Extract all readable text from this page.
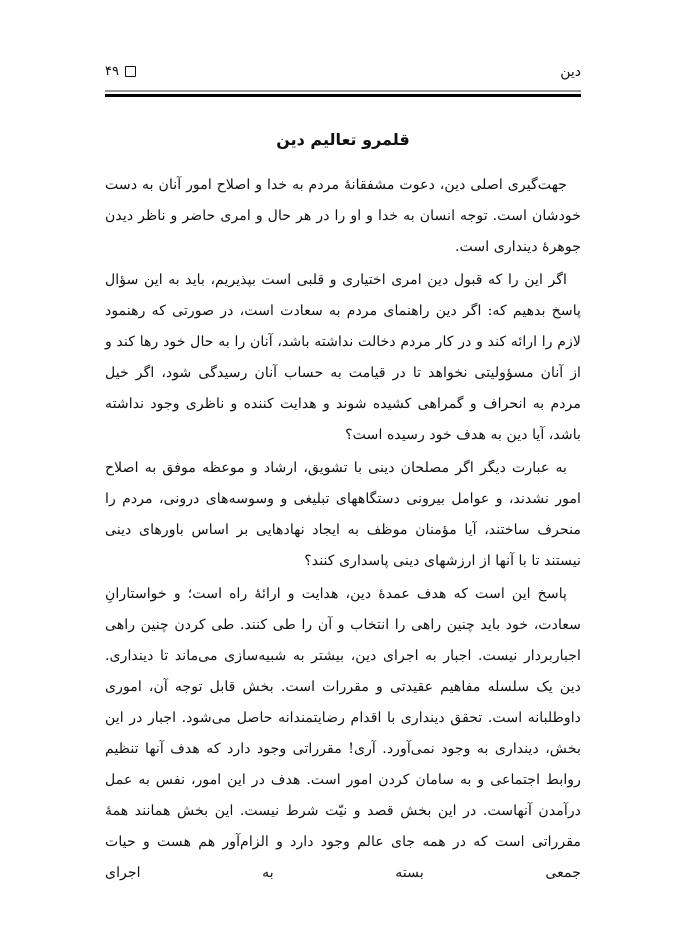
دین
۴۹
قلمرو تعالیم دین

جهت‌گیری اصلی دین، دعوت مشفقانهٔ مردم به خدا و اصلاح امور آنان به دست خودشان است. توجه انسان به خدا و او را در هر حال و امری حاضر و ناظر دیدن جوهرهٔ دینداری است.

اگر این را که قبول دین امری اختیاری و قلبی است بپذیریم، باید به این سؤال پاسخ بدهیم که: اگر دین راهنمای مردم به سعادت است، در صورتی که رهنمود لازم را ارائه کند و در کار مردم دخالت نداشته باشد، آنان را به حال خود رها کند و از آنان مسؤولیتی نخواهد تا در قیامت به حساب آنان رسیدگی شود، اگر خیل مردم به انحراف و گمراهی کشیده شوند و هدایت کننده و ناظری وجود نداشته باشد، آیا دین به هدف خود رسیده است؟

به عبارت دیگر اگر مصلحان دینی با تشویق، ارشاد و موعظه موفق به اصلاح امور نشدند، و عوامل بیرونی دستگاههای تبلیغی و وسوسه‌های درونی، مردم را منحرف ساختند، آیا مؤمنان موظف به ایجاد نهادهایی بر اساس باورهای دینی نیستند تا با آنها از ارزشهای دینی پاسداری کنند؟

پاسخ این است که هدف عمدهٔ دین، هدایت و ارائهٔ راه است؛ و خواستارانِ سعادت، خود باید چنین راهی را انتخاب و آن را طی کنند. طی کردن چنین راهی اجباربردار نیست. اجبار به اجرای دین، بیشتر به شبیه‌سازی می‌ماند تا دینداری. دین یک سلسله مفاهیم عقیدتی و مقررات است. بخش قابل توجه آن، اموری داوطلبانه است. تحقق دینداری با اقدام رضایتمندانه حاصل می‌شود. اجبار در این بخش، دینداری به وجود نمی‌آورد. آری! مقرراتی وجود دارد که هدف آنها تنظیم روابط اجتماعی و به سامان کردن امور است. هدف در این امور، نفس به عمل درآمدن آنهاست. در این بخش قصد و نیّت شرط نیست. این بخش همانند همهٔ مقرراتی است که در همه جای عالم وجود دارد و الزام‌آور هم هست و حیات جمعی بسته به اجرای
